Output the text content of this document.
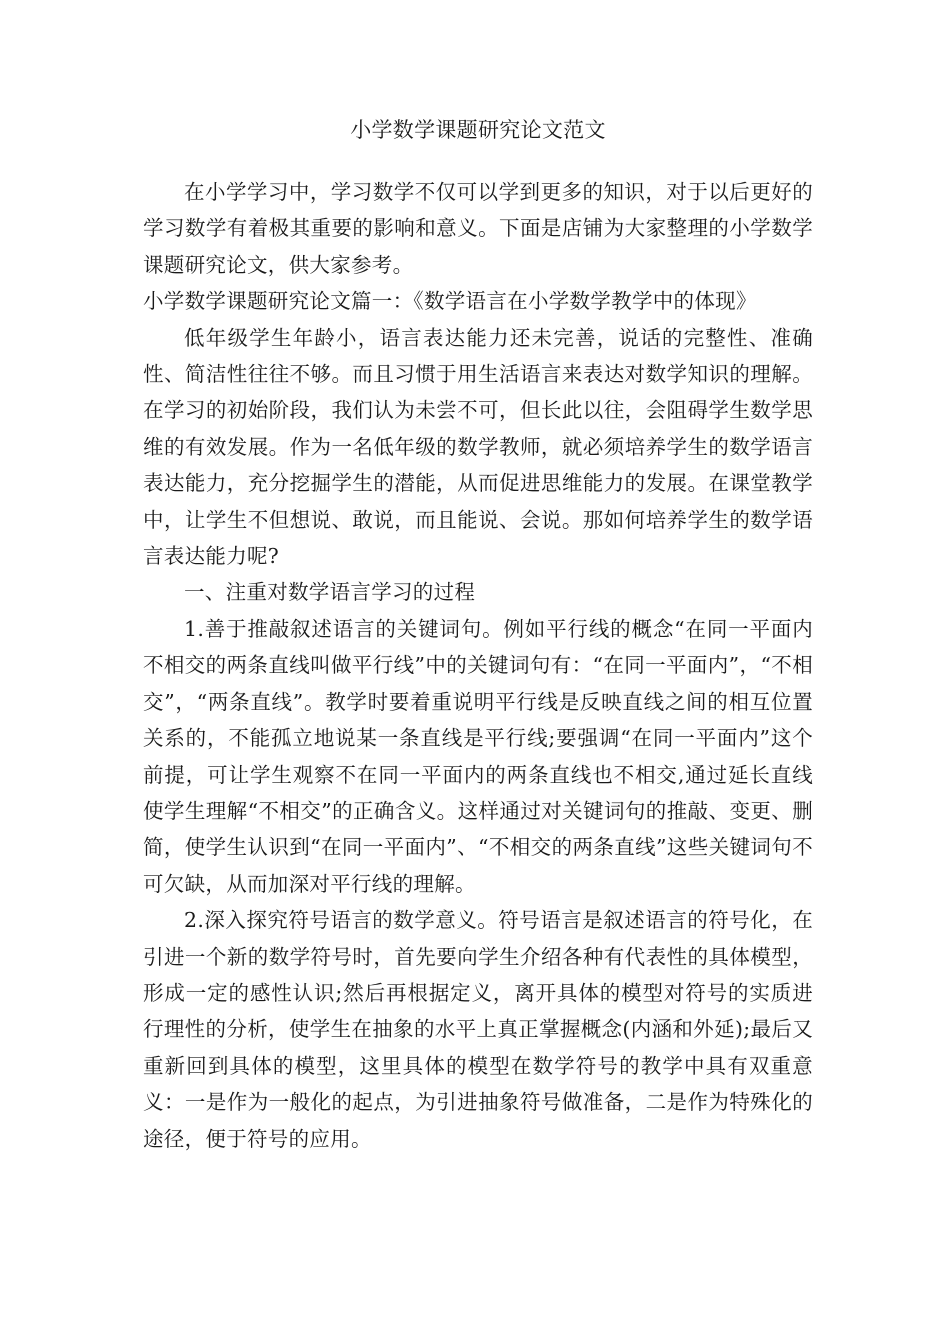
小学数学课题研究论文范文

在小学学习中，学习数学不仅可以学到更多的知识，对于以后更好的学习数学有着极其重要的影响和意义。下面是店铺为大家整理的小学数学课题研究论文，供大家参考。

小学数学课题研究论文篇一：《数学语言在小学数学教学中的体现》

低年级学生年龄小，语言表达能力还未完善，说话的完整性、准确性、简洁性往往不够。而且习惯于用生活语言来表达对数学知识的理解。在学习的初始阶段，我们认为未尝不可，但长此以往，会阻碍学生数学思维的有效发展。作为一名低年级的数学教师，就必须培养学生的数学语言表达能力，充分挖掘学生的潜能，从而促进思维能力的发展。在课堂教学中，让学生不但想说、敢说，而且能说、会说。那如何培养学生的数学语言表达能力呢?

一、注重对数学语言学习的过程

1.善于推敲叙述语言的关键词句。例如平行线的概念“在同一平面内不相交的两条直线叫做平行线”中的关键词句有：“在同一平面内”，“不相交”，“两条直线”。教学时要着重说明平行线是反映直线之间的相互位置关系的，不能孤立地说某一条直线是平行线;要强调“在同一平面内”这个前提，可让学生观察不在同一平面内的两条直线也不相交,通过延长直线使学生理解“不相交”的正确含义。这样通过对关键词句的推敲、变更、删简，使学生认识到“在同一平面内”、“不相交的两条直线”这些关键词句不可欠缺，从而加深对平行线的理解。

2.深入探究符号语言的数学意义。符号语言是叙述语言的符号化，在引进一个新的数学符号时，首先要向学生介绍各种有代表性的具体模型，形成一定的感性认识;然后再根据定义，离开具体的模型对符号的实质进行理性的分析，使学生在抽象的水平上真正掌握概念(内涵和外延);最后又重新回到具体的模型，这里具体的模型在数学符号的教学中具有双重意义：一是作为一般化的起点，为引进抽象符号做准备，二是作为特殊化的途径，便于符号的应用。
